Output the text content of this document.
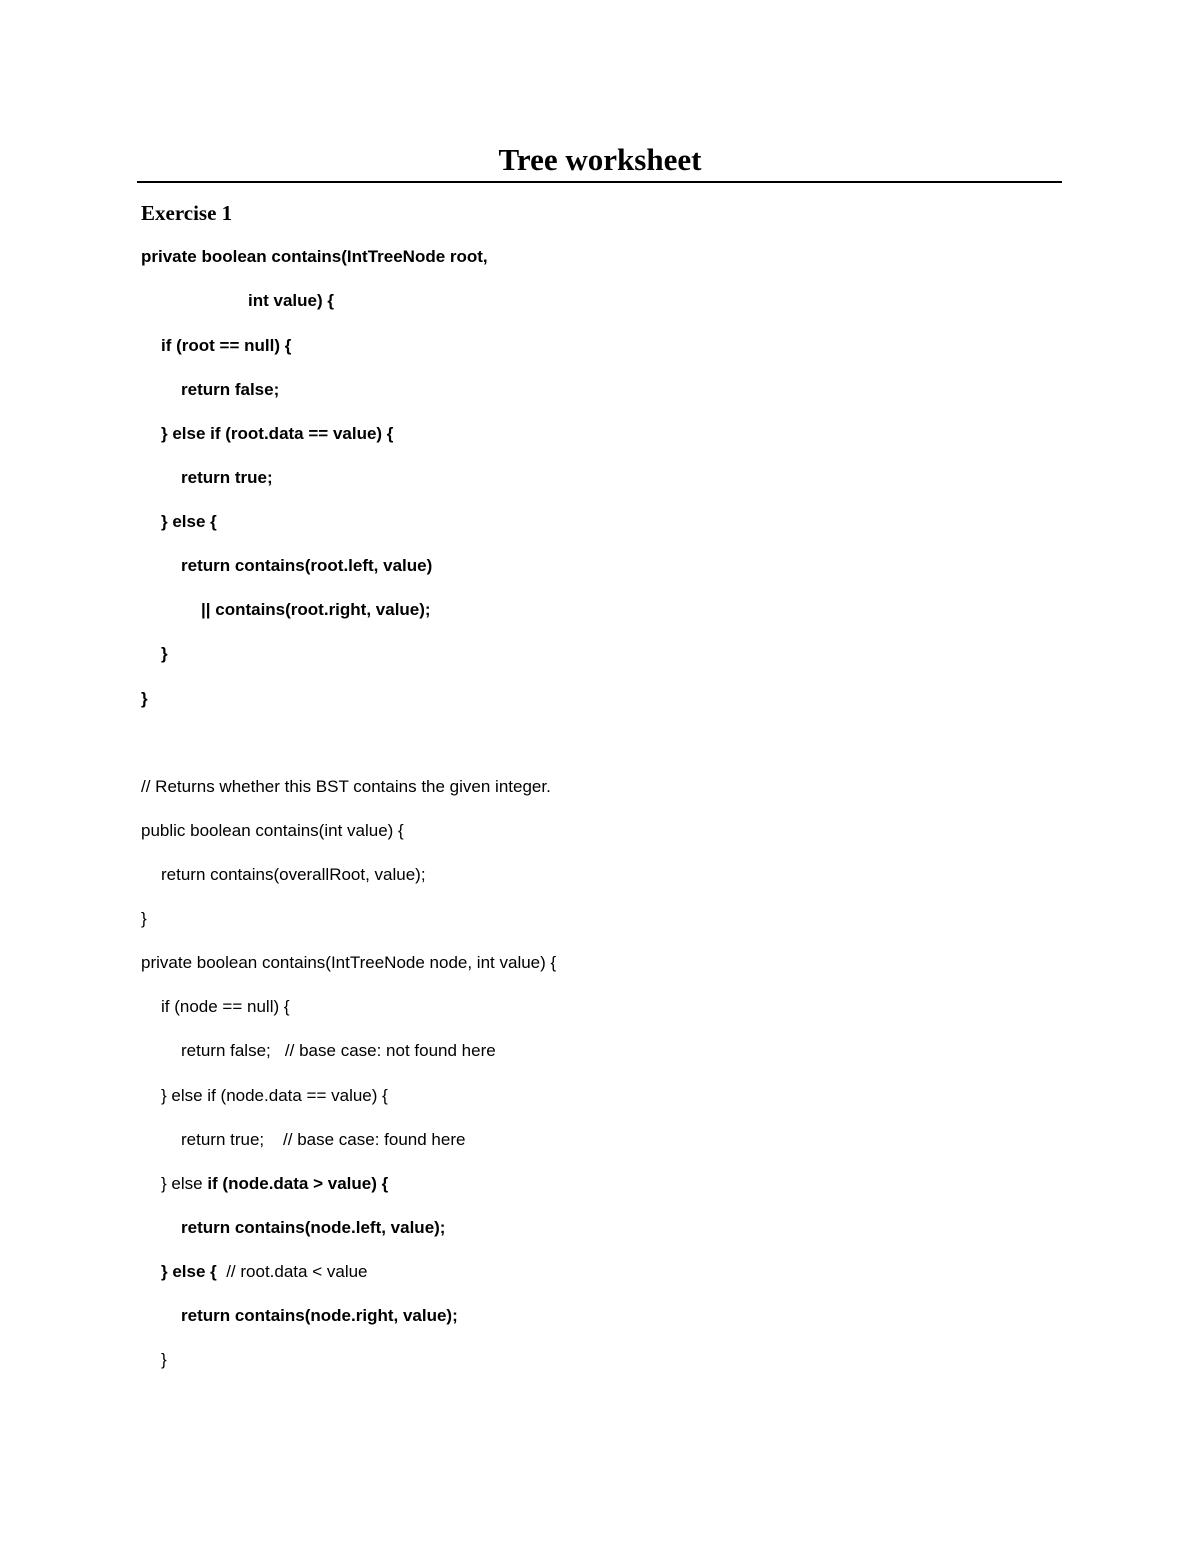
Tree worksheet
Exercise 1
private boolean contains(IntTreeNode root,
int value) {
if (root == null) {
return false;
} else if (root.data == value) {
return true;
} else {
return contains(root.left, value)
|| contains(root.right, value);
}
}
// Returns whether this BST contains the given integer.
public boolean contains(int value) {
return contains(overallRoot, value);
}
private boolean contains(IntTreeNode node, int value) {
if (node == null) {
return false;   // base case: not found here
} else if (node.data == value) {
return true;    // base case: found here
} else if (node.data > value) {
return contains(node.left, value);
} else {  // root.data < value
return contains(node.right, value);
}
